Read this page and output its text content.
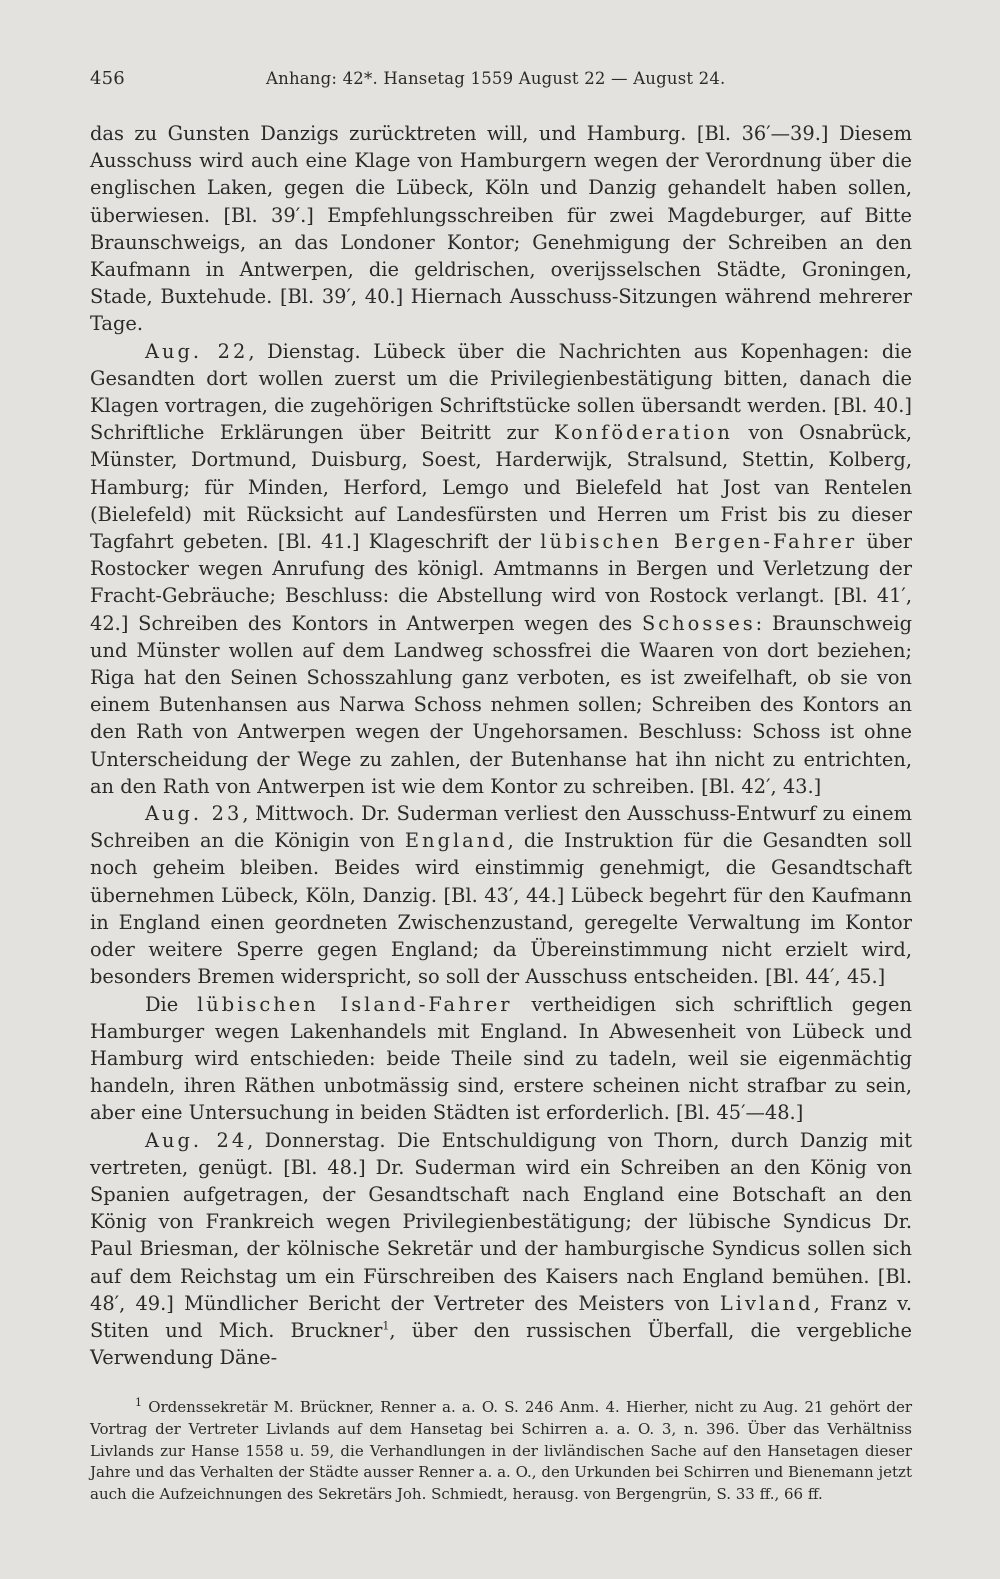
456	Anhang: 42*. Hansetag 1559 August 22 — August 24.

das zu Gunsten Danzigs zurücktreten will, und Hamburg. [Bl. 36′—39.] Diesem Ausschuss wird auch eine Klage von Hamburgern wegen der Verordnung über die englischen Laken, gegen die Lübeck, Köln und Danzig gehandelt haben sollen, überwiesen. [Bl. 39′.] Empfehlungsschreiben für zwei Magdeburger, auf Bitte Braunschweigs, an das Londoner Kontor; Genehmigung der Schreiben an den Kaufmann in Antwerpen, die geldrischen, overijsselschen Städte, Groningen, Stade, Buxtehude. [Bl. 39′, 40.] Hiernach Ausschuss-Sitzungen während mehrerer Tage.

Aug. 22, Dienstag. Lübeck über die Nachrichten aus Kopenhagen: die Gesandten dort wollen zuerst um die Privilegienbestätigung bitten, danach die Klagen vortragen, die zugehörigen Schriftstücke sollen übersandt werden. [Bl. 40.] Schriftliche Erklärungen über Beitritt zur Konföderation von Osnabrück, Münster, Dortmund, Duisburg, Soest, Harderwijk, Stralsund, Stettin, Kolberg, Hamburg; für Minden, Herford, Lemgo und Bielefeld hat Jost van Rentelen (Bielefeld) mit Rücksicht auf Landesfürsten und Herren um Frist bis zu dieser Tagfahrt gebeten. [Bl. 41.] Klageschrift der lübischen Bergen-Fahrer über Rostocker wegen Anrufung des königl. Amtmanns in Bergen und Verletzung der Fracht-Gebräuche; Beschluss: die Abstellung wird von Rostock verlangt. [Bl. 41′, 42.] Schreiben des Kontors in Antwerpen wegen des Schosses: Braunschweig und Münster wollen auf dem Landweg schossfrei die Waaren von dort beziehen; Riga hat den Seinen Schosszahlung ganz verboten, es ist zweifelhaft, ob sie von einem Butenhansen aus Narwa Schoss nehmen sollen; Schreiben des Kontors an den Rath von Antwerpen wegen der Ungehorsamen. Beschluss: Schoss ist ohne Unterscheidung der Wege zu zahlen, der Butenhanse hat ihn nicht zu entrichten, an den Rath von Antwerpen ist wie dem Kontor zu schreiben. [Bl. 42′, 43.]

Aug. 23, Mittwoch. Dr. Suderman verliest den Ausschuss-Entwurf zu einem Schreiben an die Königin von England, die Instruktion für die Gesandten soll noch geheim bleiben. Beides wird einstimmig genehmigt, die Gesandtschaft übernehmen Lübeck, Köln, Danzig. [Bl. 43′, 44.] Lübeck begehrt für den Kaufmann in England einen geordneten Zwischenzustand, geregelte Verwaltung im Kontor oder weitere Sperre gegen England; da Übereinstimmung nicht erzielt wird, besonders Bremen widerspricht, so soll der Ausschuss entscheiden. [Bl. 44′, 45.]

Die lübischen Island-Fahrer vertheidigen sich schriftlich gegen Hamburger wegen Lakenhandels mit England. In Abwesenheit von Lübeck und Hamburg wird entschieden: beide Theile sind zu tadeln, weil sie eigenmächtig handeln, ihren Räthen unbotmässig sind, erstere scheinen nicht strafbar zu sein, aber eine Untersuchung in beiden Städten ist erforderlich. [Bl. 45′—48.]

Aug. 24, Donnerstag. Die Entschuldigung von Thorn, durch Danzig mit vertreten, genügt. [Bl. 48.] Dr. Suderman wird ein Schreiben an den König von Spanien aufgetragen, der Gesandtschaft nach England eine Botschaft an den König von Frankreich wegen Privilegienbestätigung; der lübische Syndicus Dr. Paul Briesman, der kölnische Sekretär und der hamburgische Syndicus sollen sich auf dem Reichstag um ein Fürschreiben des Kaisers nach England bemühen. [Bl. 48′, 49.] Mündlicher Bericht der Vertreter des Meisters von Livland, Franz v. Stiten und Mich. Bruckner$^1$, über den russischen Überfall, die vergebliche Verwendung Däne-

$^1$ Ordenssekretär M. Brückner, Renner a. a. O. S. 246 Anm. 4. Hierher, nicht zu Aug. 21 gehört der Vortrag der Vertreter Livlands auf dem Hansetag bei Schirren a. a. O. 3, n. 396. Über das Verhältniss Livlands zur Hanse 1558 u. 59, die Verhandlungen in der livländischen Sache auf den Hansetagen dieser Jahre und das Verhalten der Städte ausser Renner a. a. O., den Urkunden bei Schirren und Bienemann jetzt auch die Aufzeichnungen des Sekretärs Joh. Schmiedt, herausg. von Bergengrün, S. 33 ff., 66 ff.
